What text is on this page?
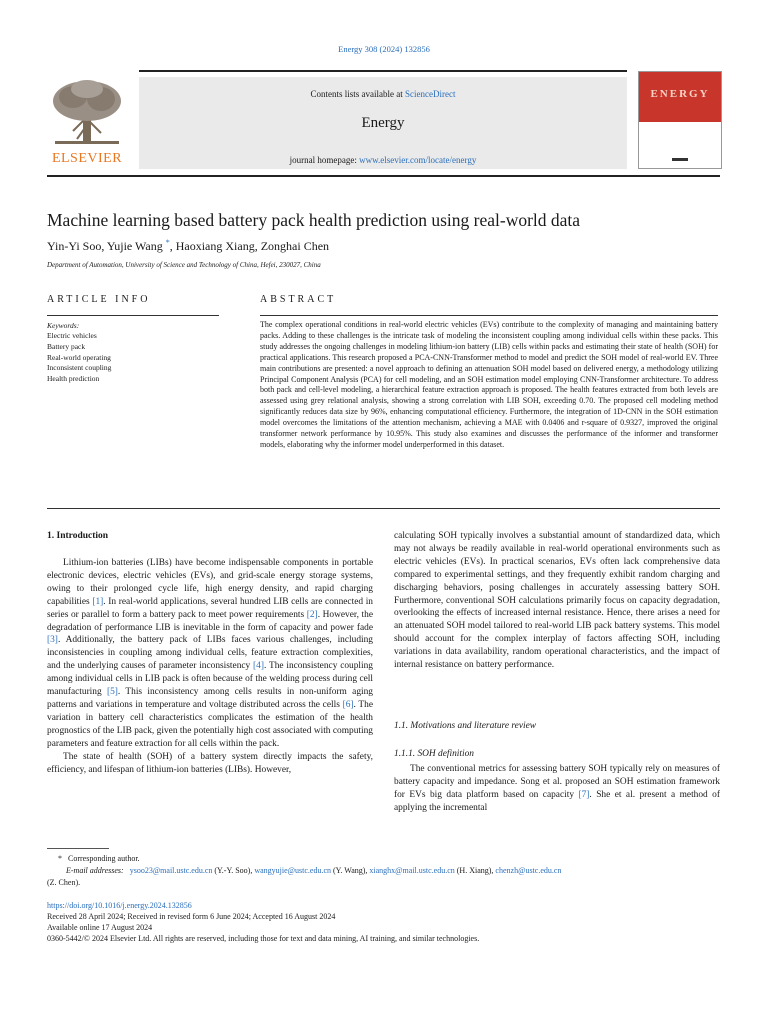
Energy 308 (2024) 132856
ELSEVIER
Contents lists available at ScienceDirect
Energy
journal homepage: www.elsevier.com/locate/energy
ENERGY
Machine learning based battery pack health prediction using real-world data
Yin-Yi Soo, Yujie Wang *, Haoxiang Xiang, Zonghai Chen
Department of Automation, University of Science and Technology of China, Hefei, 230027, China
ARTICLE INFO
Keywords:
Electric vehicles
Battery pack
Real-world operating
Inconsistent coupling
Health prediction
ABSTRACT
The complex operational conditions in real-world electric vehicles (EVs) contribute to the complexity of managing and maintaining battery packs. Adding to these challenges is the intricate task of modeling the inconsistent coupling among individual cells within these packs. This study addresses the ongoing challenges in modeling lithium-ion battery (LIB) cells within packs and estimating their state of health (SOH) for practical applications. This research proposed a PCA-CNN-Transformer method to model and predict the SOH model of real-world EV. Three main contributions are presented: a novel approach to defining an attenuation SOH model based on delivered energy, a methodology utilizing Principal Component Analysis (PCA) for cell modeling, and an SOH estimation model employing CNN-Transformer architecture. To address both pack and cell-level modeling, a hierarchical feature extraction approach is proposed. The health features extracted from both levels are assessed using grey relational analysis, showing a strong correlation with LIB SOH, exceeding 0.70. The proposed cell modeling method significantly reduces data size by 96%, enhancing computational efficiency. Furthermore, the integration of 1D-CNN in the SOH estimation model overcomes the limitations of the attention mechanism, achieving a MAE with 0.0406 and r-square of 0.9327, improved the original transformer network performance by 10.95%. This study also examines and discusses the performance of the informer and transformer models, elaborating why the informer model underperformed in this dataset.
1. Introduction

Lithium-ion batteries (LIBs) have become indispensable components in portable electronic devices, electric vehicles (EVs), and grid-scale energy storage systems, owing to their prolonged cycle life, high energy density, and rapid charging capabilities [1]. In real-world applications, several hundred LIB cells are connected in series or parallel to form a battery pack to meet power requirements [2]. However, the degradation of performance LIB is inevitable in the form of capacity and power fade [3]. Additionally, the battery pack of LIBs faces various challenges, including inconsistencies in coupling among individual cells, feature extraction complexities, and the underlying causes of parameter inconsistency [4]. The inconsistency coupling among individual cells in LIB pack is often because of the welding process during cell manufacturing [5]. This inconsistency among cells results in non-uniform aging patterns and variations in temperature and voltage distributed across the cells [6]. The variation in battery cell characteristics complicates the estimation of the health prognostics of the LIB pack, given the potentially high cost associated with computing parameters and feature extraction for all cells within the pack.

The state of health (SOH) of a battery system directly impacts the safety, efficiency, and lifespan of lithium-ion batteries (LIBs). However,

calculating SOH typically involves a substantial amount of standardized data, which may not always be readily available in real-world operational environments such as electric vehicles (EVs). In practical scenarios, EVs often lack comprehensive data compared to experimental settings, and they frequently exhibit random charging and discharging behaviors, posing challenges in accurately assessing battery SOH. Furthermore, conventional SOH calculations primarily focus on capacity degradation, overlooking the effects of increased internal resistance. Hence, there arises a need for an attenuated SOH model tailored to real-world LIB pack battery systems. This model should account for the complex interplay of factors affecting SOH, including variations in data availability, random operational characteristics, and the impact of internal resistance on battery performance.

1.1. Motivations and literature review
1.1.1. SOH definition

The conventional metrics for assessing battery SOH typically rely on measures of battery capacity and impedance. Song et al. proposed an SOH estimation framework for EVs big data platform based on capacity [7]. She et al. present a method of applying the incremental

* Corresponding author.
E-mail addresses: ysoo23@mail.ustc.edu.cn (Y.-Y. Soo), wangyujie@ustc.edu.cn (Y. Wang), xianghx@mail.ustc.edu.cn (H. Xiang), chenzh@ustc.edu.cn
(Z. Chen).
https://doi.org/10.1016/j.energy.2024.132856
Received 28 April 2024; Received in revised form 6 June 2024; Accepted 16 August 2024
Available online 17 August 2024
0360-5442/© 2024 Elsevier Ltd. All rights are reserved, including those for text and data mining, AI training, and similar technologies.
